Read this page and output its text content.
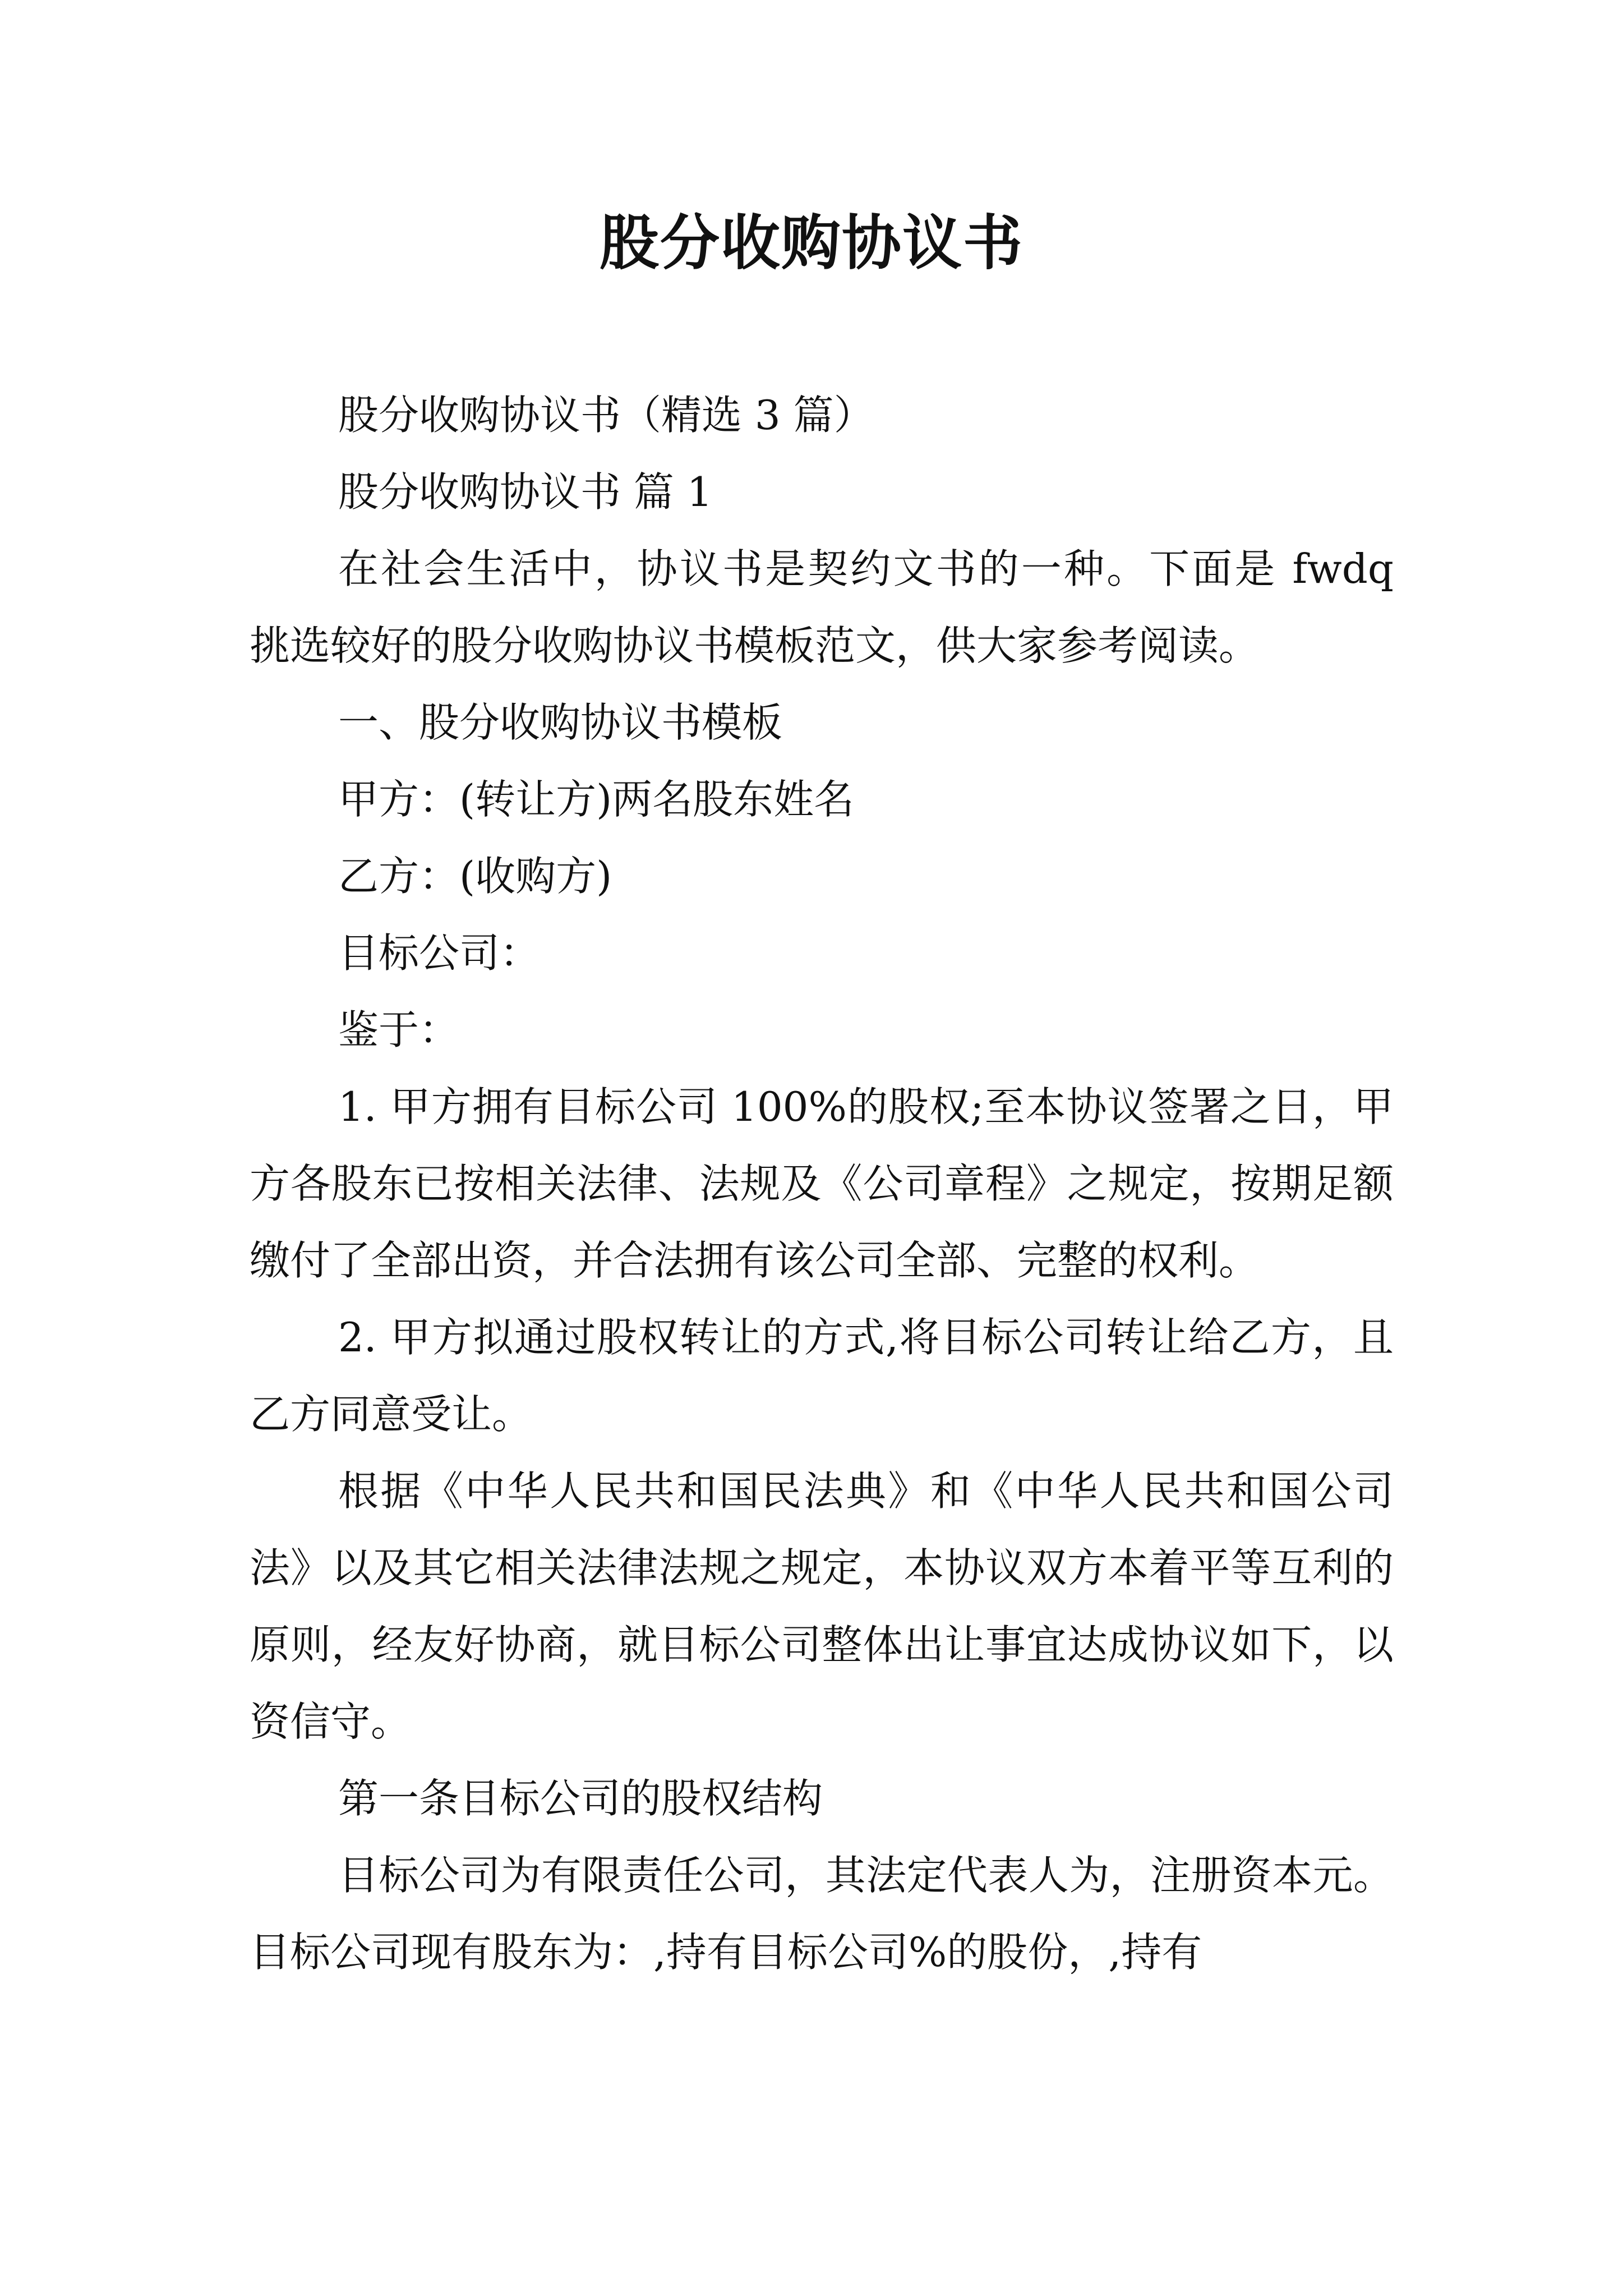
股分收购协议书

股分收购协议书（精选 3 篇）

股分收购协议书 篇 1

在社会生活中，协议书是契约文书的一种。下面是 fwdq 挑选较好的股分收购协议书模板范文，供大家参考阅读。

一、股分收购协议书模板

甲方：(转让方)两名股东姓名

乙方：(收购方)

目标公司：

鉴于：

1. 甲方拥有目标公司 100%的股权;至本协议签署之日，甲方各股东已按相关法律、法规及《公司章程》之规定，按期足额缴付了全部出资，并合法拥有该公司全部、完整的权利。

2. 甲方拟通过股权转让的方式,将目标公司转让给乙方，且乙方同意受让。

根据《中华人民共和国民法典》和《中华人民共和国公司法》以及其它相关法律法规之规定，本协议双方本着平等互利的原则，经友好协商，就目标公司整体出让事宜达成协议如下，以资信守。

第一条目标公司的股权结构

目标公司为有限责任公司，其法定代表人为，注册资本元。目标公司现有股东为：,持有目标公司%的股份，,持有
